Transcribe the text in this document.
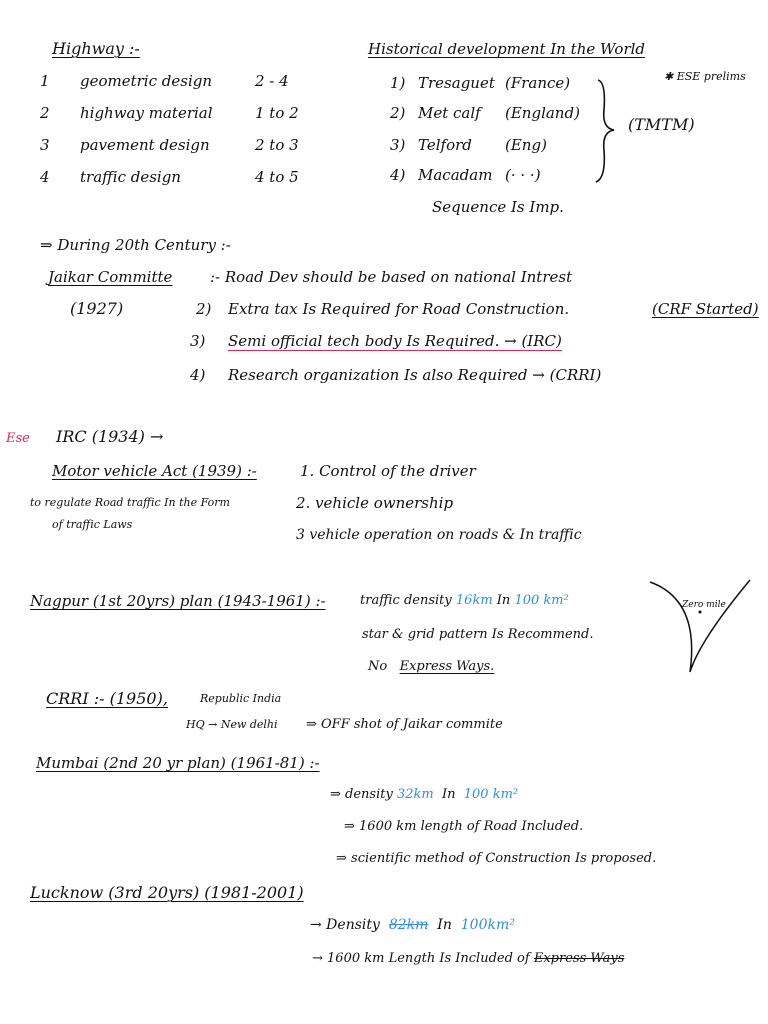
Highway :-
1 geometric design	2 - 4
2 highway material	1 to 2
3 pavement design	2 to 3
4 traffic design	4 to 5
Historical development In the World
✱ ESE prelims
1) Tresaguet (France)
2) Met calf (England)
3) Telford (Eng)
4) Macadam (· · ·)
(TMTM)
Sequence Is Imp.
⇒ During 20th Century :-
Jaikar Committe	:- Road Dev should be based on national Intrest
(1927)	2) Extra tax Is Required for Road Construction.	(CRF Started)
3) Semi official tech body Is Required. → (IRC)
4) Research organization Is also Required → (CRRI)
Ese IRC (1934) →
Motor vehicle Act (1939) :-
to regulate Road traffic In the Form
of traffic Laws
1. Control of the driver
2. vehicle ownership
3 vehicle operation on roads & In traffic
Nagpur (1st 20yrs) plan (1943-1961) :-	traffic density 16km In 100 km²
star & grid pattern Is Recommend.
No Express Ways.
Zero mile
CRRI :- (1950),	Republic India
HQ → New delhi ⇒ OFF shot of Jaikar commite
Mumbai (2nd 20 yr plan) (1961-81) :-
⇒ density 32km In 100 km²
⇒ 1600 km length of Road Included.
⇒ scientific method of Construction Is proposed.
Lucknow (3rd 20yrs) (1981-2001)
→ Density 82km In 100km²
→ 1600 km Length Is Included of Express Ways
